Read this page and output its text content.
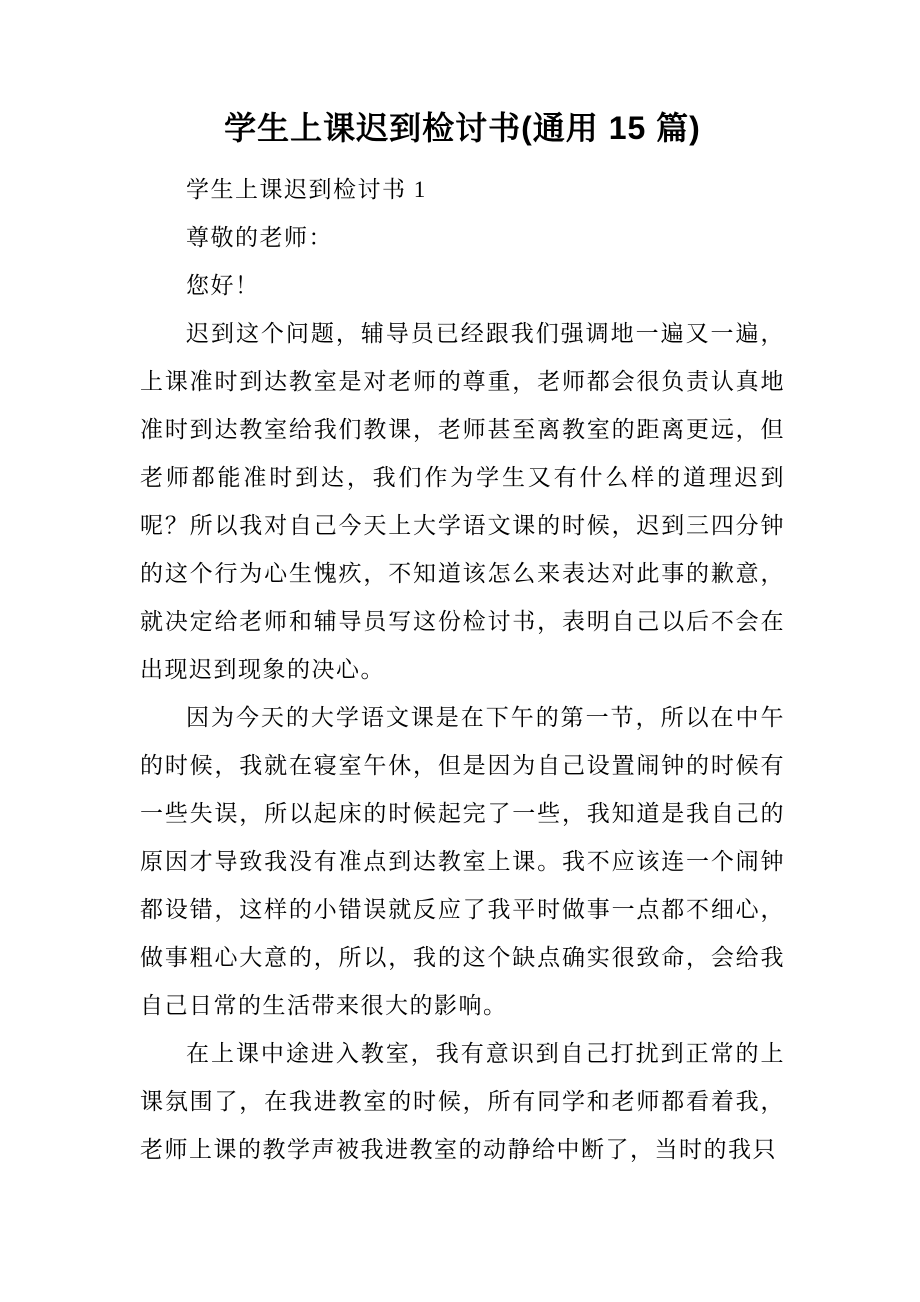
学生上课迟到检讨书(通用 15 篇)

学生上课迟到检讨书 1

尊敬的老师：

您好！

迟到这个问题，辅导员已经跟我们强调地一遍又一遍，上课准时到达教室是对老师的尊重，老师都会很负责认真地准时到达教室给我们教课，老师甚至离教室的距离更远，但老师都能准时到达，我们作为学生又有什么样的道理迟到呢？所以我对自己今天上大学语文课的时候，迟到三四分钟的这个行为心生愧疚，不知道该怎么来表达对此事的歉意，就决定给老师和辅导员写这份检讨书，表明自己以后不会在出现迟到现象的决心。

因为今天的大学语文课是在下午的第一节，所以在中午的时候，我就在寝室午休，但是因为自己设置闹钟的时候有一些失误，所以起床的时候起完了一些，我知道是我自己的原因才导致我没有准点到达教室上课。我不应该连一个闹钟都设错，这样的小错误就反应了我平时做事一点都不细心，做事粗心大意的，所以，我的这个缺点确实很致命，会给我自己日常的生活带来很大的影响。

在上课中途进入教室，我有意识到自己打扰到正常的上课氛围了，在我进教室的时候，所有同学和老师都看着我，老师上课的教学声被我进教室的动静给中断了，当时的我只
